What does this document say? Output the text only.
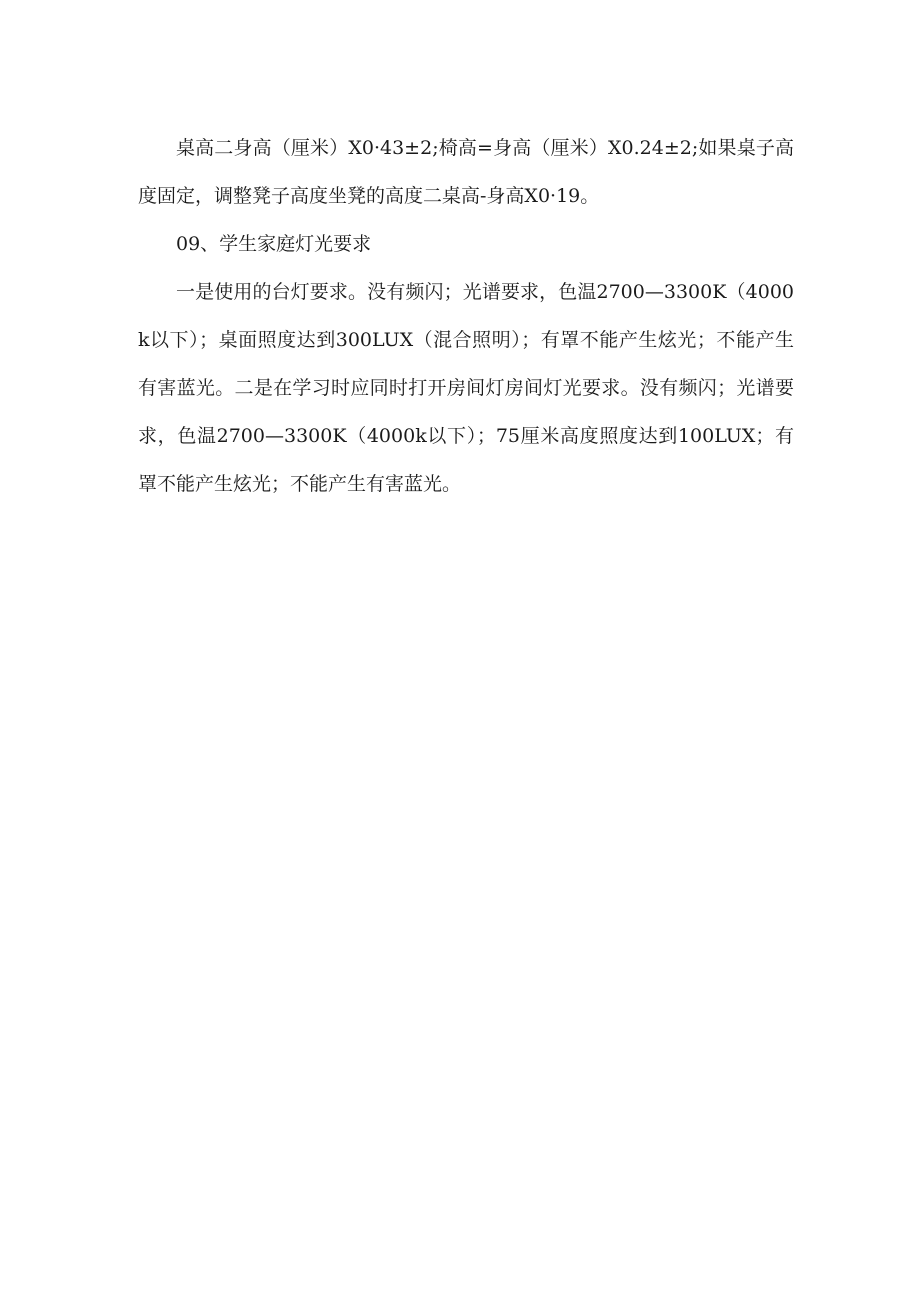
桌高二身高（厘米）X0·43±2;椅高=身高（厘米）X0.24±2;如果桌子高度固定，调整凳子高度坐凳的高度二桌高-身高X0·19。

09、学生家庭灯光要求

一是使用的台灯要求。没有频闪；光谱要求，色温2700—3300K（4000k以下）；桌面照度达到300LUX（混合照明）；有罩不能产生炫光；不能产生有害蓝光。二是在学习时应同时打开房间灯房间灯光要求。没有频闪；光谱要求，色温2700—3300K（4000k以下）；75厘米高度照度达到100LUX；有罩不能产生炫光；不能产生有害蓝光。
